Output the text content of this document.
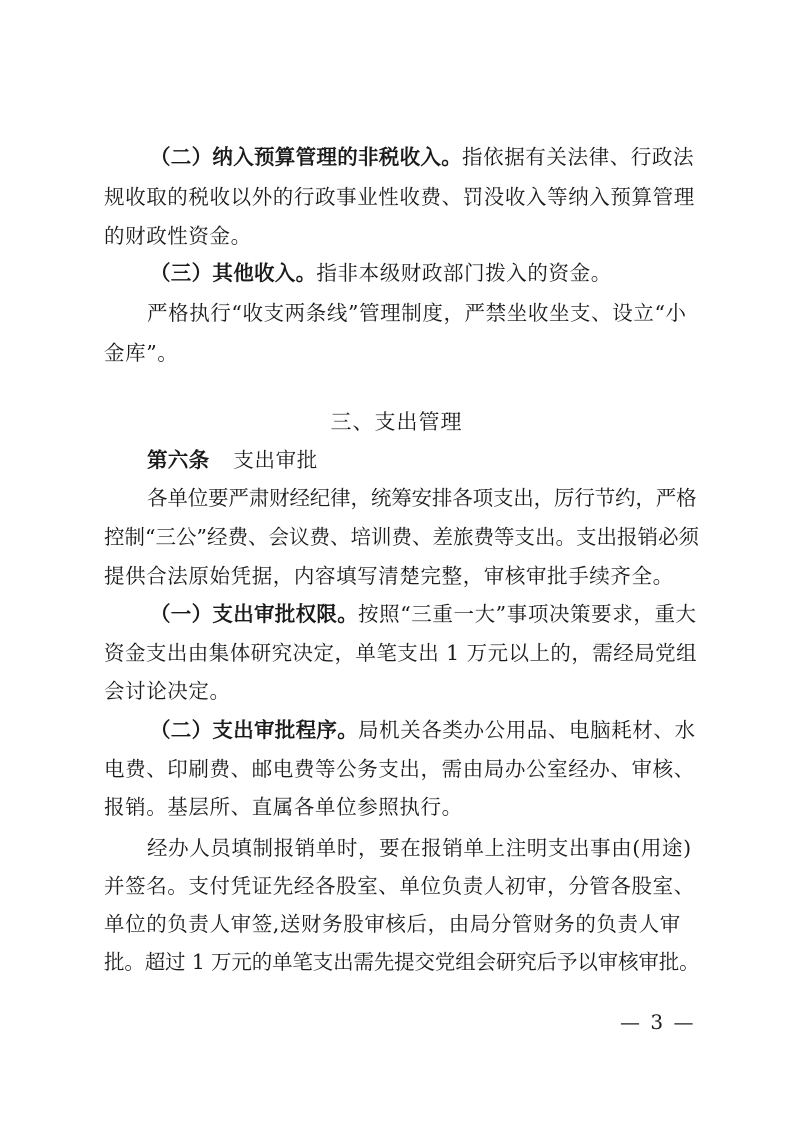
（二）纳入预算管理的非税收入。指依据有关法律、行政法
规收取的税收以外的行政事业性收费、罚没收入等纳入预算管理
的财政性资金。
（三）其他收入。指非本级财政部门拨入的资金。
严格执行“收支两条线”管理制度，严禁坐收坐支、设立“小
金库”。
三、支出管理
第六条 支出审批
各单位要严肃财经纪律，统筹安排各项支出，厉行节约，严格
控制“三公”经费、会议费、培训费、差旅费等支出。支出报销必须
提供合法原始凭据，内容填写清楚完整，审核审批手续齐全。
（一）支出审批权限。按照“三重一大”事项决策要求，重大
资金支出由集体研究决定，单笔支出 1 万元以上的，需经局党组
会讨论决定。
（二）支出审批程序。局机关各类办公用品、电脑耗材、水
电费、印刷费、邮电费等公务支出，需由局办公室经办、审核、
报销。基层所、直属各单位参照执行。
经办人员填制报销单时，要在报销单上注明支出事由(用途)
并签名。支付凭证先经各股室、单位负责人初审，分管各股室、
单位的负责人审签,送财务股审核后，由局分管财务的负责人审
批。超过 1 万元的单笔支出需先提交党组会研究后予以审核审批。
— 3 —
